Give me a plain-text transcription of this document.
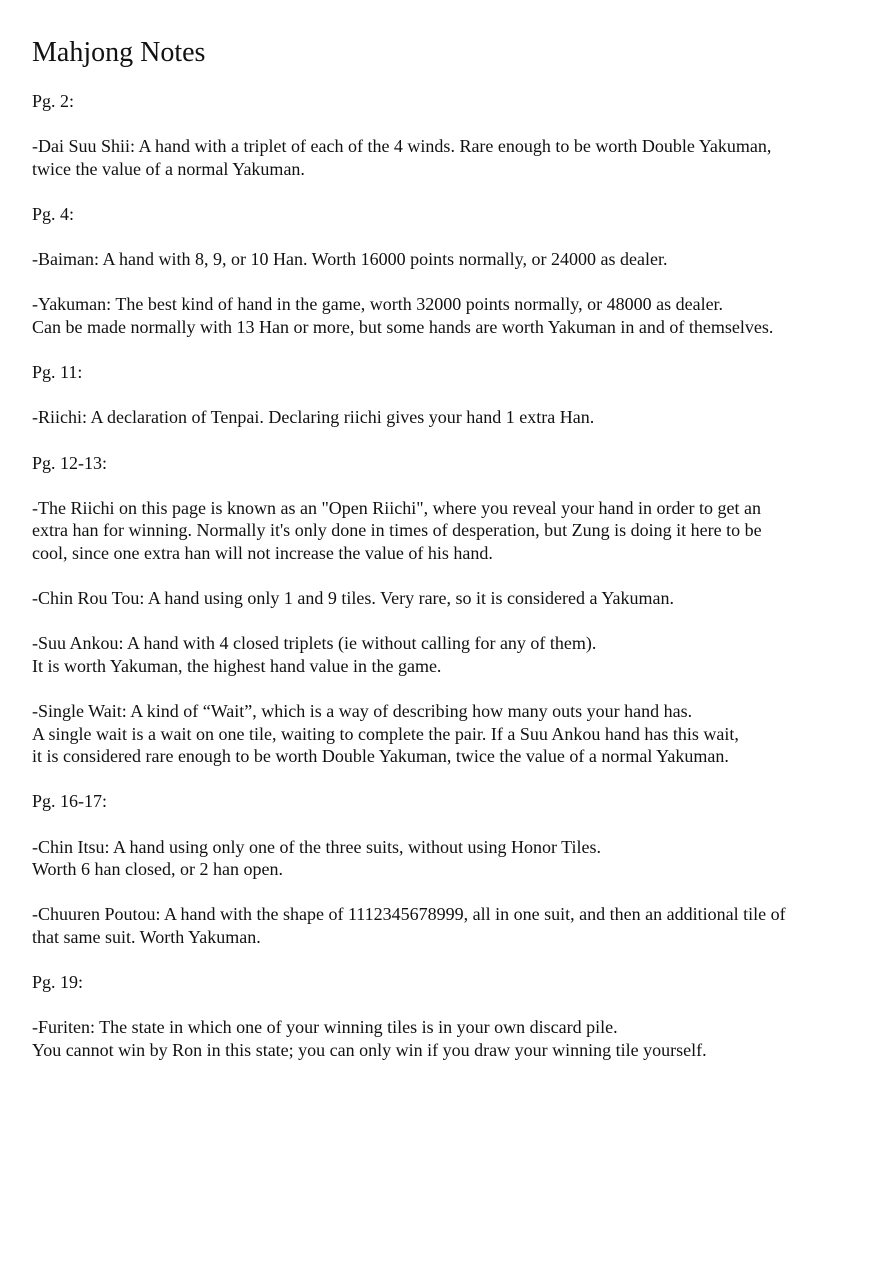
Mahjong Notes

Pg. 2:

-Dai Suu Shii: A hand with a triplet of each of the 4 winds. Rare enough to be worth Double Yakuman,

twice the value of a normal Yakuman.

Pg. 4:

-Baiman: A hand with 8, 9, or 10 Han. Worth 16000 points normally, or 24000 as dealer.

-Yakuman: The best kind of hand in the game, worth 32000 points normally, or 48000 as dealer.

Can be made normally with 13 Han or more, but some hands are worth Yakuman in and of themselves.

Pg. 11:

-Riichi: A declaration of Tenpai. Declaring riichi gives your hand 1 extra Han.

Pg. 12-13:

-The Riichi on this page is known as an "Open Riichi", where you reveal your hand in order to get an

extra han for winning. Normally it's only done in times of desperation, but Zung is doing it here to be

cool, since one extra han will not increase the value of his hand.

-Chin Rou Tou: A hand using only 1 and 9 tiles. Very rare, so it is considered a Yakuman.

-Suu Ankou: A hand with 4 closed triplets (ie without calling for any of them).

It is worth Yakuman, the highest hand value in the game.

-Single Wait: A kind of “Wait”, which is a way of describing how many outs your hand has.

A single wait is a wait on one tile, waiting to complete the pair. If a Suu Ankou hand has this wait,

it is considered rare enough to be worth Double Yakuman, twice the value of a normal Yakuman.

Pg. 16-17:

-Chin Itsu: A hand using only one of the three suits, without using Honor Tiles.

Worth 6 han closed, or 2 han open.

-Chuuren Poutou: A hand with the shape of 1112345678999, all in one suit, and then an additional tile of

that same suit. Worth Yakuman.

Pg. 19:

-Furiten: The state in which one of your winning tiles is in your own discard pile.

You cannot win by Ron in this state; you can only win if you draw your winning tile yourself.
